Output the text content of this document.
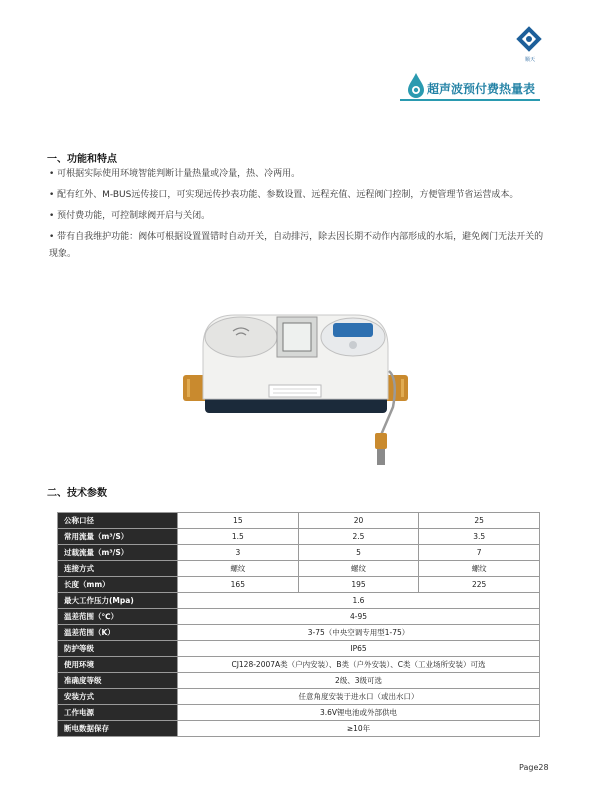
顺天
超声波预付费热量表
一、功能和特点

• 可根据实际使用环境智能判断计量热量或冷量，热、冷两用。

• 配有红外、M-BUS远传接口，可实现远传抄表功能、参数设置、远程充值、远程阀门控制，方便管理节省运营成本。

• 预付费功能，可控制球阀开启与关闭。

• 带有自我维护功能：阀体可根据设置置错时自动开关，自动排污，除去因长期不动作内部形成的水垢，避免阀门无法开关的现象。

二、技术参数
公称口径	15	20	25
常用流量（m³/S）	1.5	2.5	3.5
过载流量（m³/S）	3	5	7
连接方式	螺纹	螺纹	螺纹
长度（mm）	165	195	225
最大工作压力(Mpa)	1.6		
温差范围（℃）	4-95		
温差范围（K）	3-75（中央空调专用型1-75）		
防护等级	IP65		
使用环境	CJ128-2007A类（户内安装）、B类（户外安装）、C类（工业场所安装）可选		
准确度等级	2级、3级可选		
安装方式	任意角度安装于进水口（或出水口）		
工作电源	3.6V锂电池或外部供电		
断电数据保存	≥10年		
Page28
